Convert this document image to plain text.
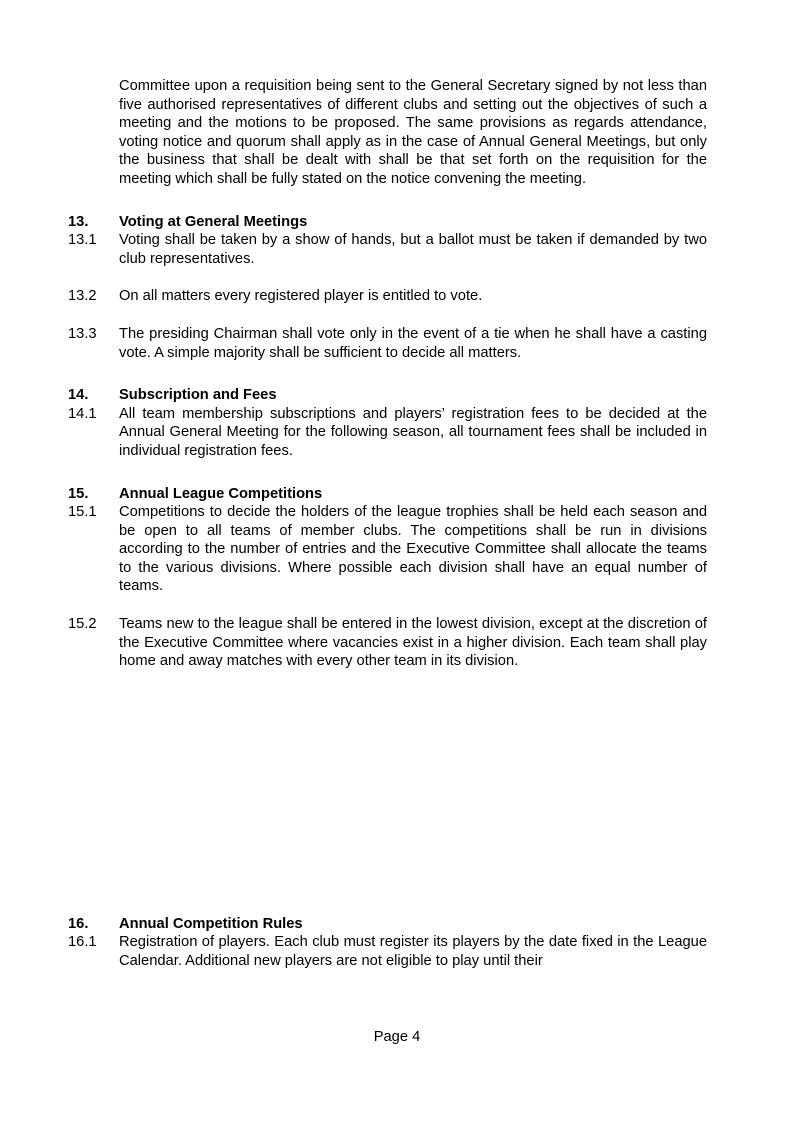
Committee upon a requisition being sent to the General Secretary signed by not less than five authorised representatives of different clubs and setting out the objectives of such a meeting and the motions to be proposed. The same provisions as regards attendance, voting notice and quorum shall apply as in the case of Annual General Meetings, but only the business that shall be dealt with shall be that set forth on the requisition for the meeting which shall be fully stated on the notice convening the meeting.

13.	Voting at General Meetings
13.1	Voting shall be taken by a show of hands, but a ballot must be taken if demanded by two club representatives.
13.2	On all matters every registered player is entitled to vote.
13.3	The presiding Chairman shall vote only in the event of a tie when he shall have a casting vote. A simple majority shall be sufficient to decide all matters.
14.	Subscription and Fees
14.1	All team membership subscriptions and players’ registration fees to be decided at the Annual General Meeting for the following season, all tournament fees shall be included in individual registration fees.
15.	Annual League Competitions
15.1	Competitions to decide the holders of the league trophies shall be held each season and be open to all teams of member clubs. The competitions shall be run in divisions according to the number of entries and the Executive Committee shall allocate the teams to the various divisions. Where possible each division shall have an equal number of teams.
15.2	Teams new to the league shall be entered in the lowest division, except at the discretion of the Executive Committee where vacancies exist in a higher division. Each team shall play home and away matches with every other team in its division.
16.	Annual Competition Rules
16.1	Registration of players. Each club must register its players by the date fixed in the League Calendar. Additional new players are not eligible to play until their
Page 4
